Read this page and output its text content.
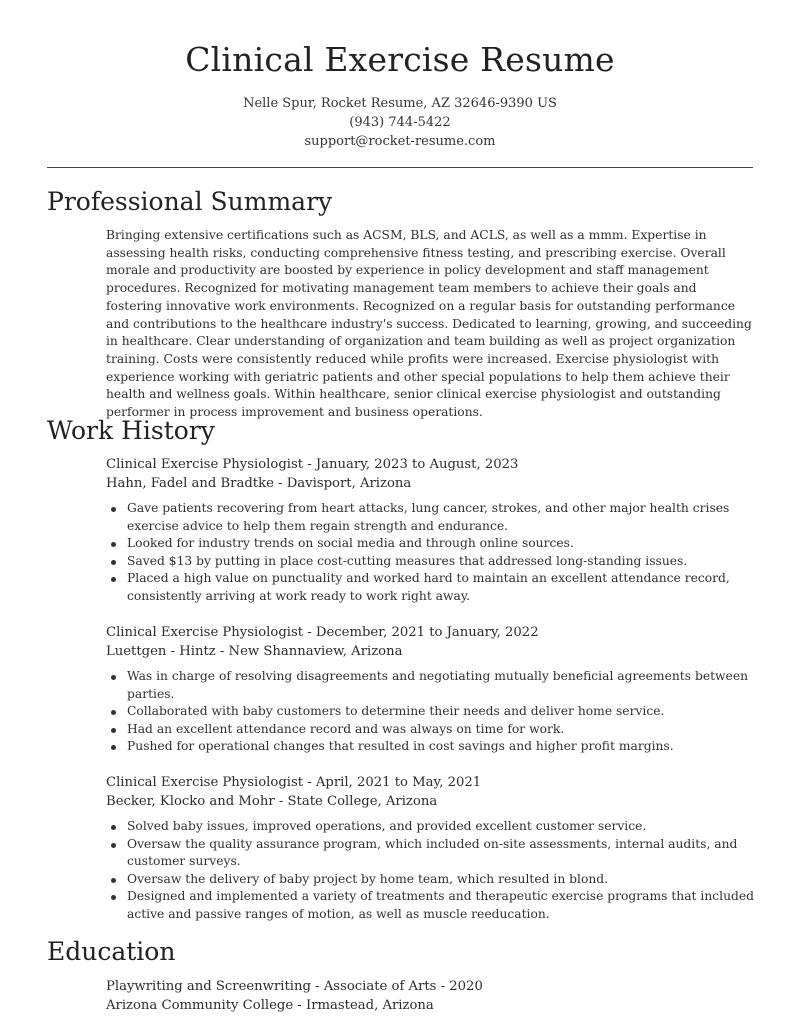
Clinical Exercise Resume
Nelle Spur, Rocket Resume, AZ 32646-9390 US
(943) 744-5422
support@rocket-resume.com
Professional Summary

Bringing extensive certifications such as ACSM, BLS, and ACLS, as well as a mmm. Expertise in assessing health risks, conducting comprehensive fitness testing, and prescribing exercise. Overall morale and productivity are boosted by experience in policy development and staff management procedures. Recognized for motivating management team members to achieve their goals and fostering innovative work environments. Recognized on a regular basis for outstanding performance and contributions to the healthcare industry's success. Dedicated to learning, growing, and succeeding in healthcare. Clear understanding of organization and team building as well as project organization training. Costs were consistently reduced while profits were increased. Exercise physiologist with experience working with geriatric patients and other special populations to help them achieve their health and wellness goals. Within healthcare, senior clinical exercise physiologist and outstanding performer in process improvement and business operations.

Work History
Clinical Exercise Physiologist - January, 2023 to August, 2023
Hahn, Fadel and Bradtke - Davisport, Arizona
Gave patients recovering from heart attacks, lung cancer, strokes, and other major health crises exercise advice to help them regain strength and endurance.
Looked for industry trends on social media and through online sources.
Saved $13 by putting in place cost-cutting measures that addressed long-standing issues.
Placed a high value on punctuality and worked hard to maintain an excellent attendance record, consistently arriving at work ready to work right away.
Clinical Exercise Physiologist - December, 2021 to January, 2022
Luettgen - Hintz - New Shannaview, Arizona
Was in charge of resolving disagreements and negotiating mutually beneficial agreements between parties.
Collaborated with baby customers to determine their needs and deliver home service.
Had an excellent attendance record and was always on time for work.
Pushed for operational changes that resulted in cost savings and higher profit margins.
Clinical Exercise Physiologist - April, 2021 to May, 2021
Becker, Klocko and Mohr - State College, Arizona
Solved baby issues, improved operations, and provided excellent customer service.
Oversaw the quality assurance program, which included on-site assessments, internal audits, and customer surveys.
Oversaw the delivery of baby project by home team, which resulted in blond.
Designed and implemented a variety of treatments and therapeutic exercise programs that included active and passive ranges of motion, as well as muscle reeducation.
Education
Playwriting and Screenwriting - Associate of Arts - 2020
Arizona Community College - Irmastead, Arizona
